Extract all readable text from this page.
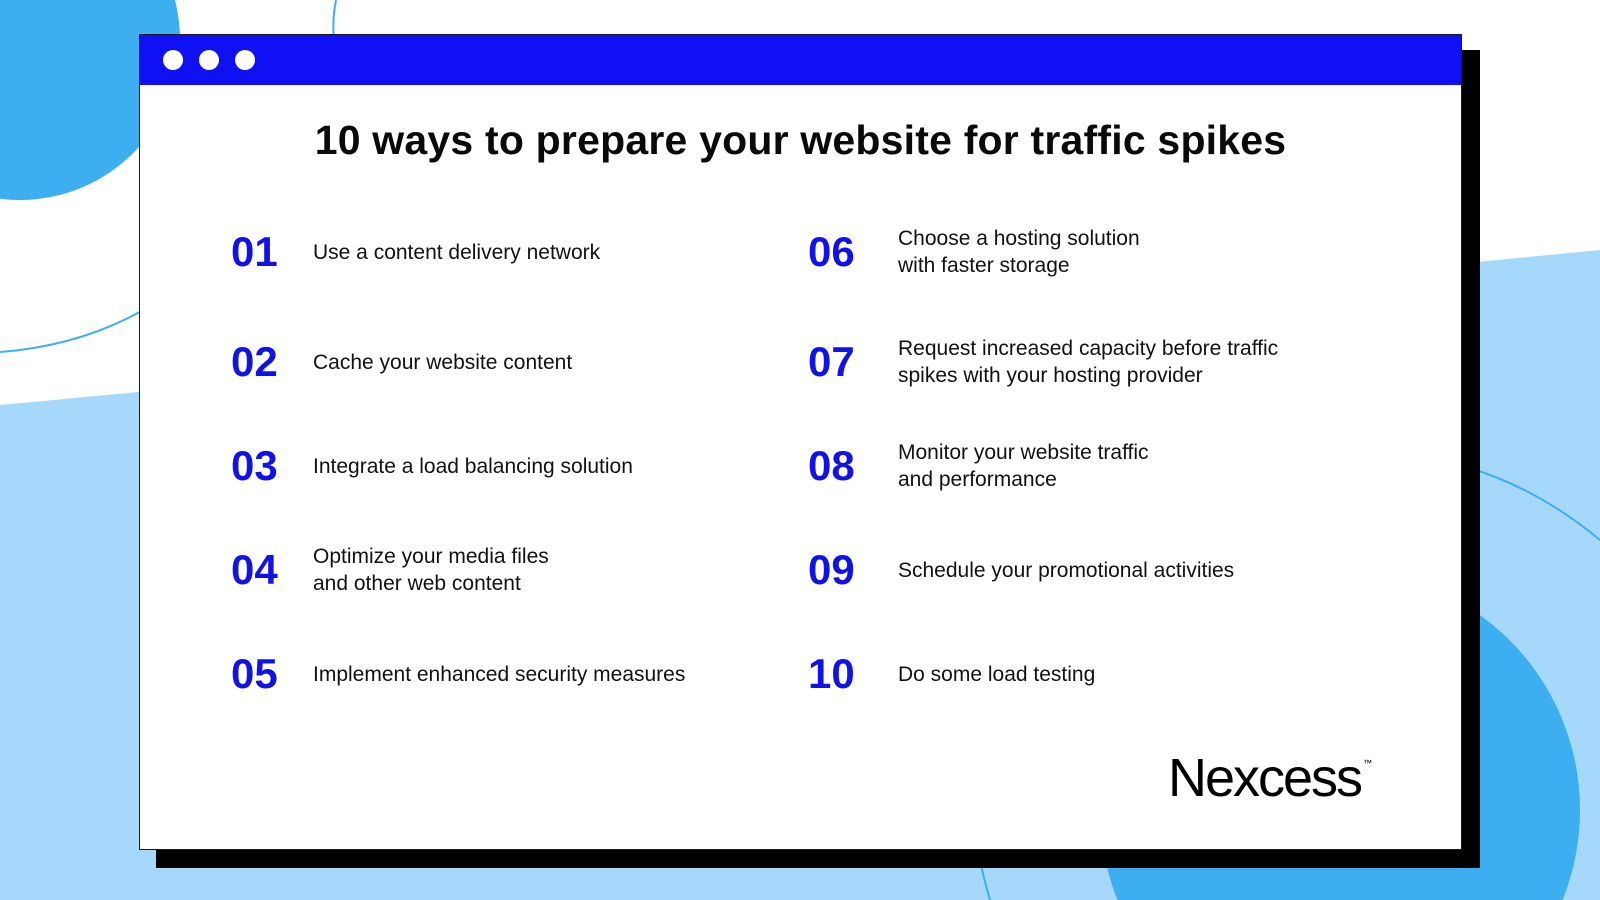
10 ways to prepare your website for traffic spikes
01	Use a content delivery network
02	Cache your website content
03	Integrate a load balancing solution
04	Optimize your media files
and other web content
05	Implement enhanced security measures
06	Choose a hosting solution
with faster storage
07	Request increased capacity before traffic
spikes with your hosting provider
08	Monitor your website traffic
and performance
09	Schedule your promotional activities
10	Do some load testing
Nexcess ™
